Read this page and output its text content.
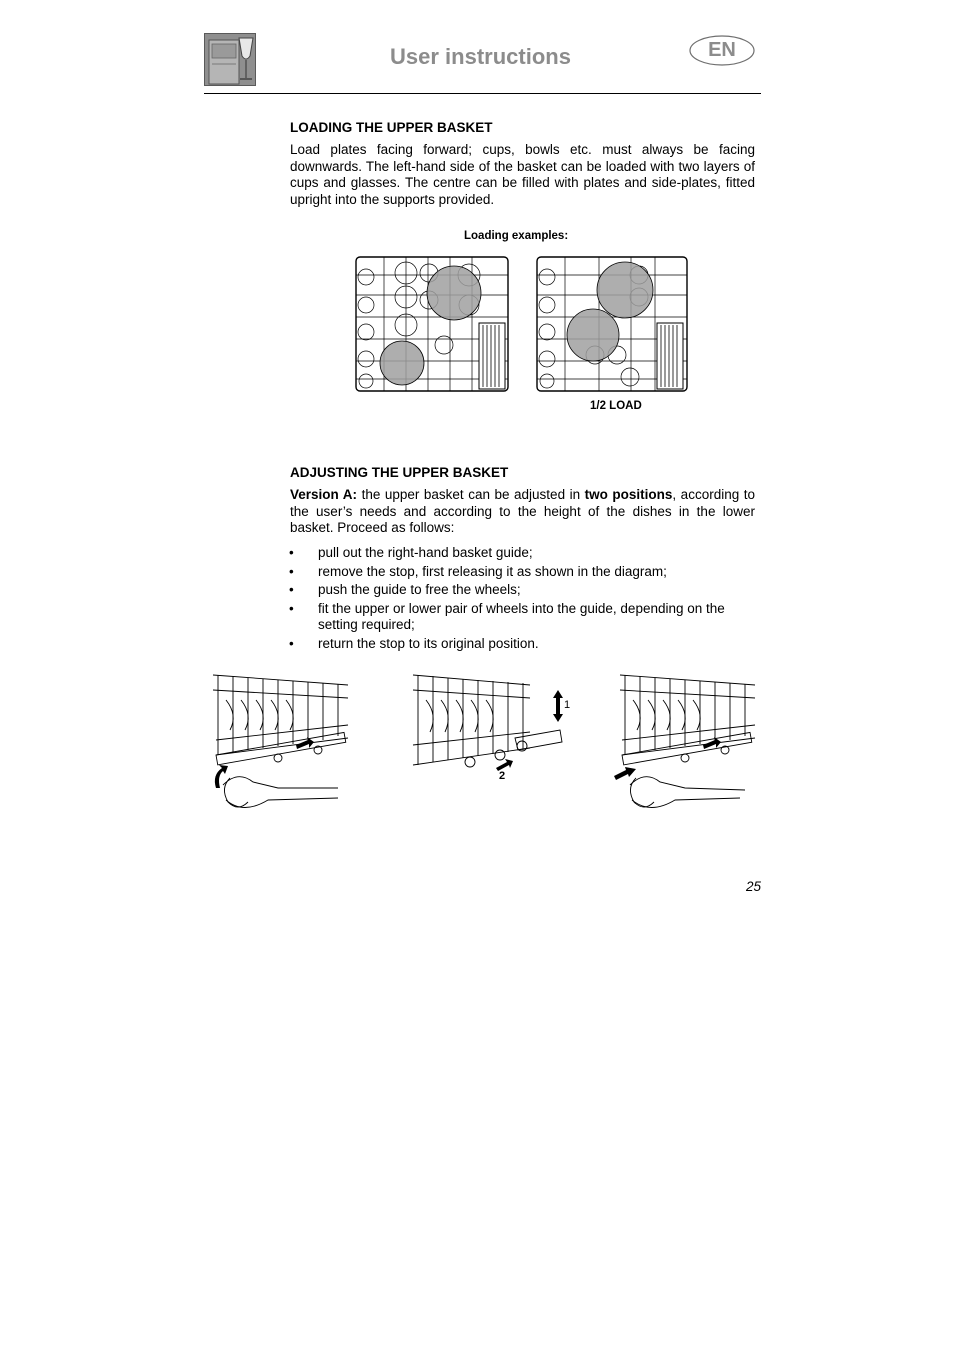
User instructions	EN
LOADING THE UPPER BASKET

Load plates facing forward; cups, bowls etc. must always be facing downwards. The left-hand side of the basket can be loaded with two layers of cups and glasses. The centre can be filled with plates and side-plates, fitted upright into the supports provided.

Loading examples:
1/2 LOAD
ADJUSTING THE UPPER BASKET

Version A: the upper basket can be adjusted in two positions, according to the user’s needs and according to the height of the dishes in the lower basket. Proceed as follows:

• pull out the right-hand basket guide;
• remove the stop, first releasing it as shown in the diagram;
• push the guide to free the wheels;
• fit the upper or lower pair of wheels into the guide, depending on the setting required;
• return the stop to its original position.
1
2
25
